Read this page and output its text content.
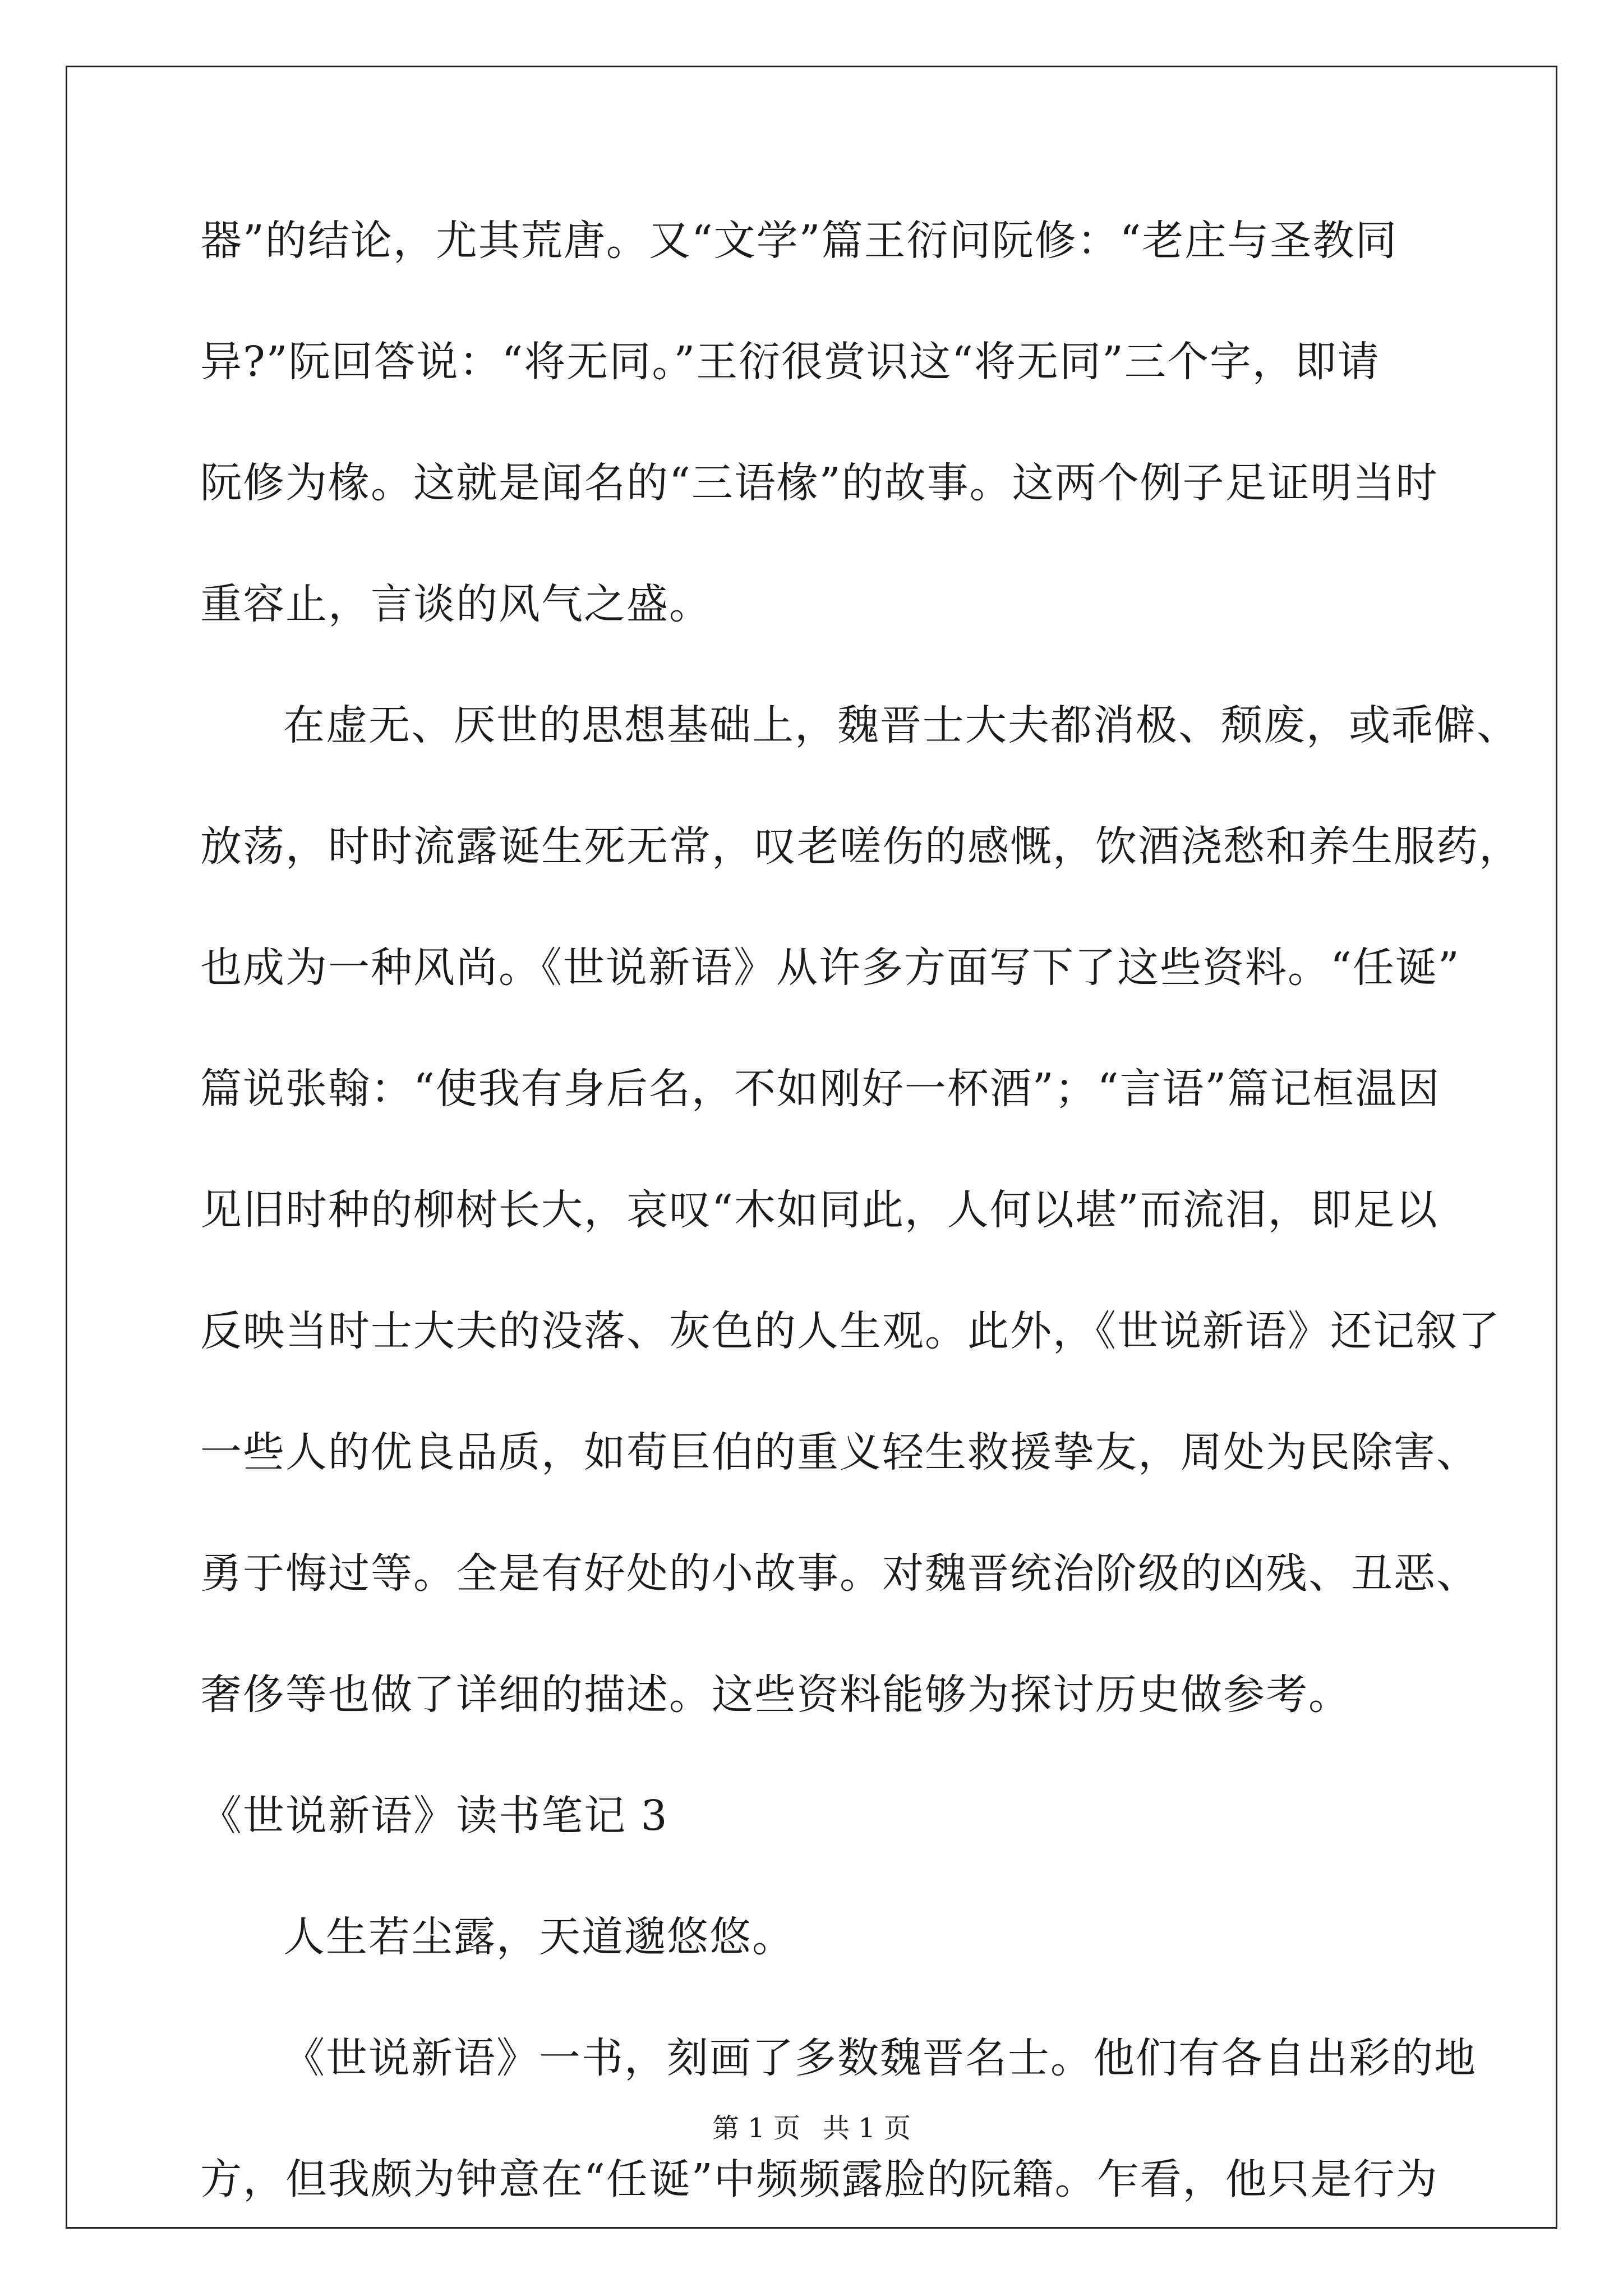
器”的结论，尤其荒唐。又“文学”篇王衍问阮修：“老庄与圣教同
异?”阮回答说：“将无同。”王衍很赏识这“将无同”三个字，即请
阮修为椽。这就是闻名的“三语椽”的故事。这两个例子足证明当时
重容止，言谈的风气之盛。
在虚无、厌世的思想基础上，魏晋士大夫都消极、颓废，或乖僻、
放荡，时时流露诞生死无常，叹老嗟伤的感慨，饮酒浇愁和养生服药，
也成为一种风尚。《世说新语》从许多方面写下了这些资料。“任诞”
篇说张翰：“使我有身后名，不如刚好一杯酒”；“言语”篇记桓温因
见旧时种的柳树长大，哀叹“木如同此，人何以堪”而流泪，即足以
反映当时士大夫的没落、灰色的人生观。此外，《世说新语》还记叙了
一些人的优良品质，如荀巨伯的重义轻生救援挚友，周处为民除害、
勇于悔过等。全是有好处的小故事。对魏晋统治阶级的凶残、丑恶、
奢侈等也做了详细的描述。这些资料能够为探讨历史做参考。
《世说新语》读书笔记 3
人生若尘露，天道邈悠悠。
《世说新语》一书，刻画了多数魏晋名士。他们有各自出彩的地
方，但我颇为钟意在“任诞”中频频露脸的阮籍。乍看，他只是行为
第 1 页 共 1 页
